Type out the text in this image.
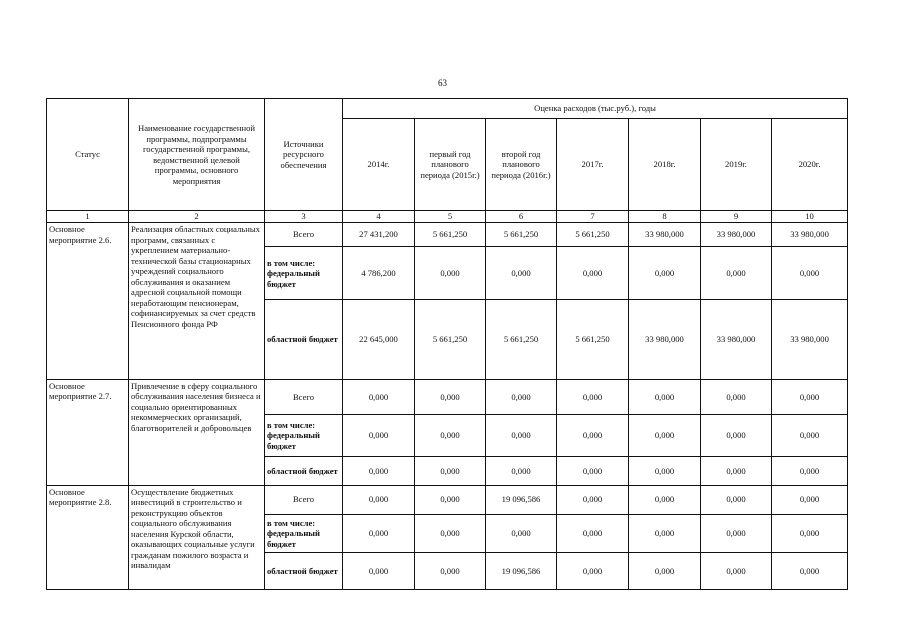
63
Статус	Наименование государственной программы, подпрограммы государственной программы, ведомственной целевой программы, основного мероприятия	Источники ресурсного обеспечения	Оценка расходов (тыс.руб.), годы						
			2014г.	первый год планового периода (2015г.)	второй год планового периода (2016г.)	2017г.	2018г.	2019г.	2020г.
1	2	3	4	5	6	7	8	9	10
Основное мероприятие 2.6.	Реализация областных социальных программ, связанных с укреплением материально-технической базы стационарных учреждений социального обслуживания и оказанием адресной социальной помощи неработающим пенсионерам, софинансируемых за счет средств Пенсионного фонда РФ	Всего	27 431,200	5 661,250	5 661,250	5 661,250	33 980,000	33 980,000	33 980,000
		в том числе: федеральный бюджет	4 786,200	0,000	0,000	0,000	0,000	0,000	0,000
		областной бюджет	22 645,000	5 661,250	5 661,250	5 661,250	33 980,000	33 980,000	33 980,000
Основное мероприятие 2.7.	Привлечение в сферу социального обслуживания населения бизнеса и социально ориентированных некоммерческих организаций, благотворителей и добровольцев	Всего	0,000	0,000	0,000	0,000	0,000	0,000	0,000
		в том числе: федеральный бюджет	0,000	0,000	0,000	0,000	0,000	0,000	0,000
		областной бюджет	0,000	0,000	0,000	0,000	0,000	0,000	0,000
Основное мероприятие 2.8.	Осуществление бюджетных инвестиций в строительство и реконструкцию объектов социального обслуживания населения Курской области, оказывающих социальные услуги гражданам пожилого возраста и инвалидам	Всего	0,000	0,000	19 096,586	0,000	0,000	0,000	0,000
		в том числе: федеральный бюджет	0,000	0,000	0,000	0,000	0,000	0,000	0,000
		областной бюджет	0,000	0,000	19 096,586	0,000	0,000	0,000	0,000
